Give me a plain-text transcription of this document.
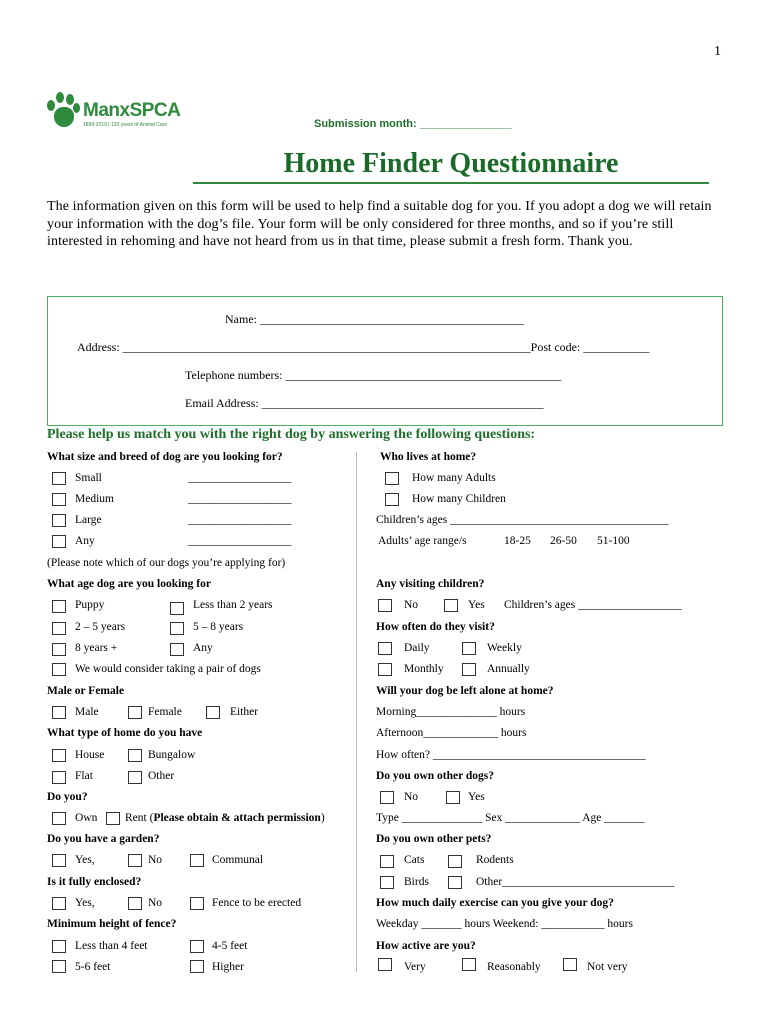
1
ManxSPCA
1899-2019 | 120 years of Animal Care	Submission month: _______________
Home Finder Questionnaire
The information given on this form will be used to help find a suitable dog for you. If you adopt a dog we will retain your information with the dog’s file. Your form will be only considered for three months, and so if you’re still interested in rehoming and have not heard from us in that time, please submit a fresh form. Thank you.
Name: ____________________________________________
Address: ____________________________________________________________________Post code: ___________
Telephone numbers: ______________________________________________
Email Address: _______________________________________________
Please help us match you with the right dog by answering the following questions:
What size and breed of dog are you looking for?
Small	__________________
Medium	__________________
Large	__________________
Any	__________________
(Please note which of our dogs you’re applying for)
What age dog are you looking for
Puppy	Less than 2 years
2 – 5 years	5 – 8 years
8 years +	Any
We would consider taking a pair of dogs
Male or Female
Male	Female	Either
What type of home do you have
House	Bungalow
Flat	Other
Do you?
Own Rent (Please obtain & attach permission)
Do you have a garden?
Yes,	No	Communal
Is it fully enclosed?
Yes,	No	Fence to be erected
Minimum height of fence?
Less than 4 feet	4-5 feet
5-6 feet	Higher
Who lives at home?
How many Adults
How many Children
Children’s ages ______________________________________
Adults’ age range/s	18-25 26-50 51-100
Any visiting children?
No	Yes Children’s ages __________________
How often do they visit?
Daily	Weekly
Monthly	Annually
Will your dog be left alone at home?
Morning______________ hours
Afternoon_____________ hours
How often? _____________________________________
Do you own other dogs?
No	Yes
Type ______________ Sex _____________ Age _______
Do you own other pets?
Cats	Rodents
Birds	Other______________________________
How much daily exercise can you give your dog?
Weekday _______ hours Weekend: ___________ hours
How active are you?
Very	Reasonably	Not very
